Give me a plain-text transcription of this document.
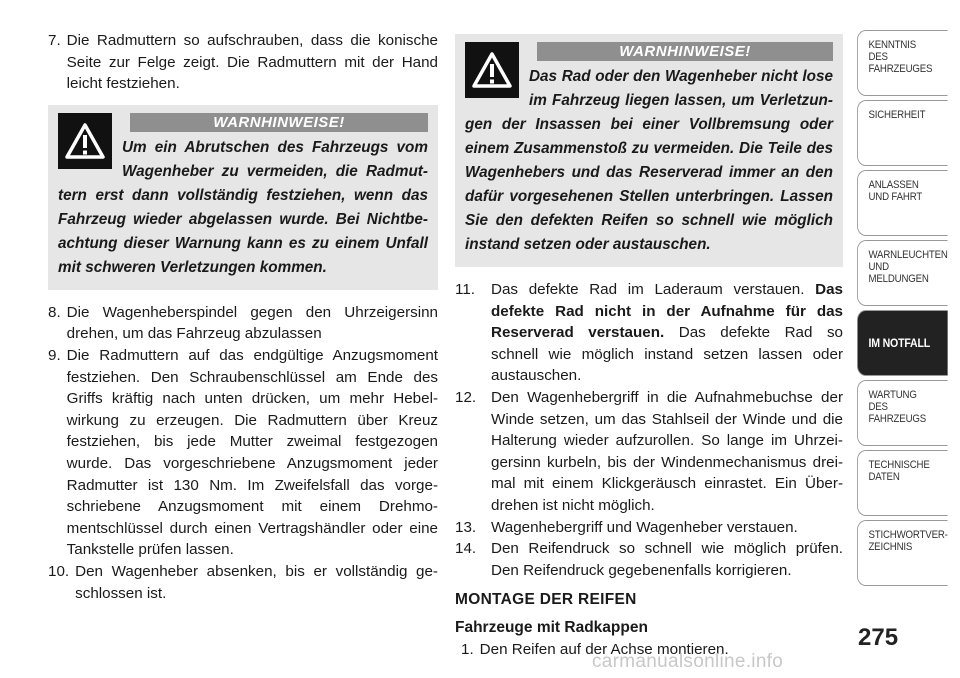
7. Die Radmuttern so aufschrauben, dass die konische Seite zur Felge zeigt. Die Radmuttern mit der Hand leicht festziehen.

WARNHINWEISE!
Um ein Abrutschen des Fahrzeugs vom Wagenheber zu vermeiden, die Radmut- tern erst dann vollständig festziehen, wenn das Fahrzeug wieder abgelassen wurde. Bei Nichtbe- achtung dieser Warnung kann es zu einem Unfall mit schweren Verletzungen kommen.

8. Die Wagenheberspindel gegen den Uhrzeigersinn drehen, um das Fahrzeug abzulassen

9. Die Radmuttern auf das endgültige Anzugsmoment festziehen. Den Schraubenschlüssel am Ende des Griffs kräftig nach unten drücken, um mehr Hebel- wirkung zu erzeugen. Die Radmuttern über Kreuz festziehen, bis jede Mutter zweimal festgezogen wurde. Das vorgeschriebene Anzugsmoment jeder Radmutter ist 130 Nm. Im Zweifelsfall das vorge- schriebene Anzugsmoment mit einem Drehmo- mentschlüssel durch einen Vertragshändler oder eine Tankstelle prüfen lassen.

10. Den Wagenheber absenken, bis er vollständig ge- schlossen ist.

WARNHINWEISE!
Das Rad oder den Wagenheber nicht lose im Fahrzeug liegen lassen, um Verletzun- gen der Insassen bei einer Vollbremsung oder einem Zusammenstoß zu vermeiden. Die Teile des Wagenhebers und das Reserverad immer an den dafür vorgesehenen Stellen unterbringen. Lassen Sie den defekten Reifen so schnell wie möglich instand setzen oder austauschen.

11.	Das defekte Rad im Laderaum verstauen. Das defekte Rad nicht in der Aufnahme für das Reserverad verstauen. Das defekte Rad so schnell wie möglich instand setzen lassen oder austauschen.

12. Den Wagenhebergriff in die Aufnahmebuchse der Winde setzen, um das Stahlseil der Winde und die Halterung wieder aufzurollen. So lange im Uhrzei- gersinn kurbeln, bis der Windenmechanismus drei- mal mit einem Klickgeräusch einrastet. Ein Über- drehen ist nicht möglich.

13. Wagenhebergriff und Wagenheber verstauen.

14. Den Reifendruck so schnell wie möglich prüfen. Den Reifendruck gegebenenfalls korrigieren.

MONTAGE DER REIFEN

Fahrzeuge mit Radkappen

1. Den Reifen auf der Achse montieren.

KENNTNIS
DES
FAHRZEUGES
SICHERHEIT
ANLASSEN
UND FAHRT
WARNLEUCHTEN
UND
MELDUNGEN
IM NOTFALL
WARTUNG
DES
FAHRZEUGS
TECHNISCHE
DATEN
STICHWORTVER-
ZEICHNIS
275
carmanualsonline.info
